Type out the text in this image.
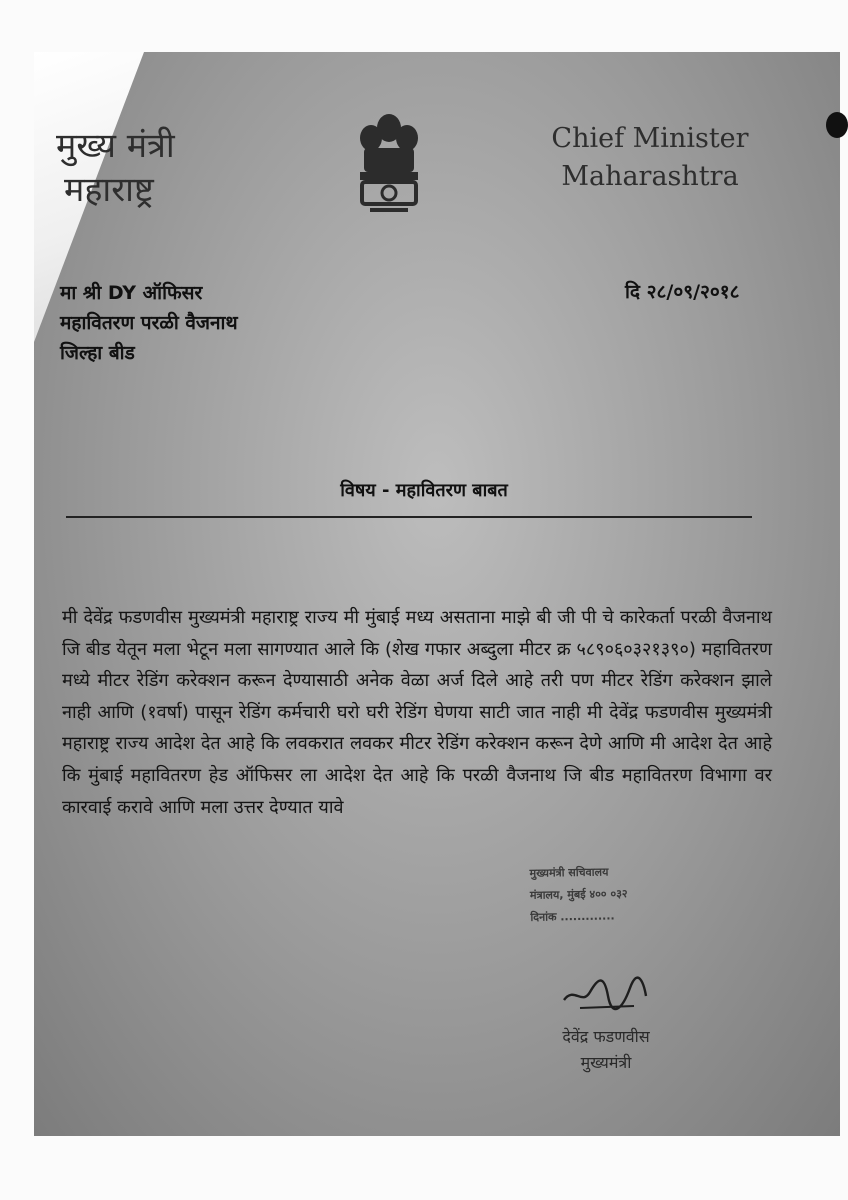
मुख्य मंत्री
महाराष्ट्र
Chief Minister
Maharashtra
मा श्री DY ऑफिसर
महावितरण परळी वैजनाथ
जिल्हा बीड
दि २८/०९/२०१८
विषय - महावितरण बाबत
मी देवेंद्र फडणवीस मुख्यमंत्री महाराष्ट्र राज्य मी मुंबाई मध्य असताना माझे बी जी पी चे कारेकर्ता परळी वैजनाथ जि बीड येतून मला भेटून मला सागण्यात आले कि (शेख गफार अब्दुला मीटर क्र ५८९०६०३२१३९०) महावितरण मध्ये मीटर रेडिंग करेक्शन करून देण्यासाठी अनेक वेळा अर्ज दिले आहे तरी पण मीटर रेडिंग करेक्शन झाले नाही आणि (१वर्षा) पासून रेडिंग कर्मचारी घरो घरी रेडिंग घेणया साटी जात नाही मी देवेंद्र फडणवीस मुख्यमंत्री महाराष्ट्र राज्य आदेश देत आहे कि लवकरात लवकर मीटर रेडिंग करेक्शन करून देणे आणि मी आदेश देत आहे कि मुंबाई महावितरण हेड ऑफिसर ला आदेश देत आहे कि परळी वैजनाथ जि बीड महावितरण विभागा वर कारवाई करावे आणि मला उत्तर देण्यात यावे
मुख्यमंत्री सचिवालय
मंत्रालय, मुंबई ४०० ०३२
दिनांक .............
देवेंद्र फडणवीस
मुख्यमंत्री
